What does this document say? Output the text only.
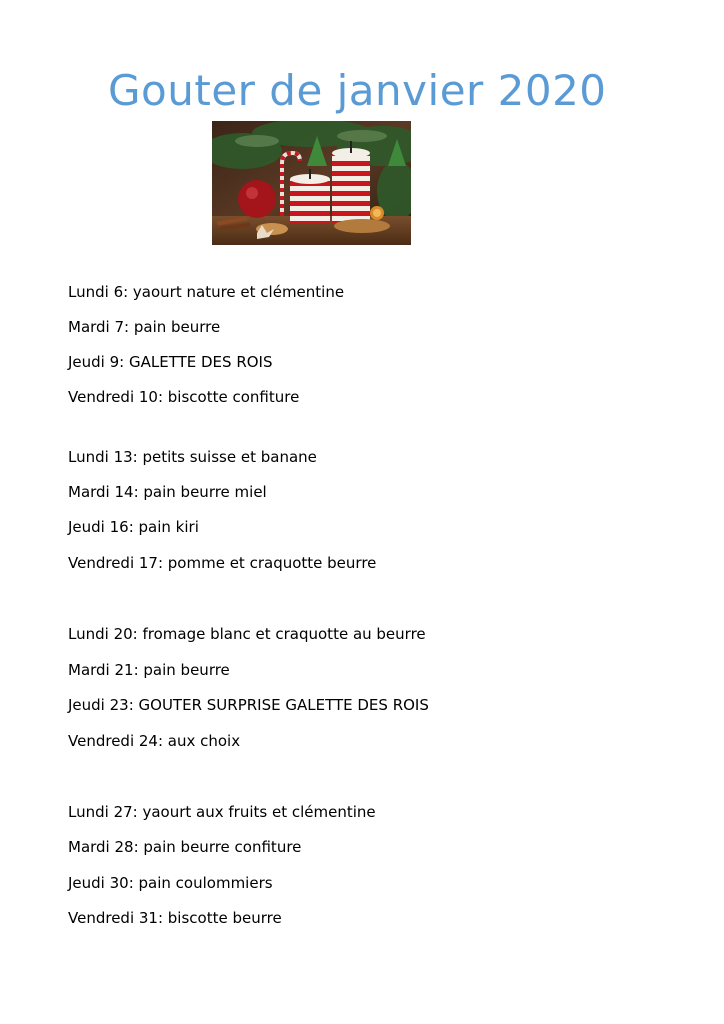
Gouter de janvier 2020
Lundi 6: yaourt nature et clémentine
Mardi 7: pain beurre
Jeudi 9: GALETTE DES ROIS
Vendredi 10: biscotte confiture
Lundi 13: petits suisse et banane
Mardi 14: pain beurre miel
Jeudi 16: pain kiri
Vendredi 17: pomme et craquotte beurre
Lundi 20: fromage blanc et craquotte au beurre
Mardi 21: pain beurre
Jeudi 23: GOUTER SURPRISE GALETTE DES ROIS
Vendredi 24: aux choix
Lundi 27: yaourt aux fruits et clémentine
Mardi 28: pain beurre confiture
Jeudi 30: pain coulommiers
Vendredi 31: biscotte beurre
